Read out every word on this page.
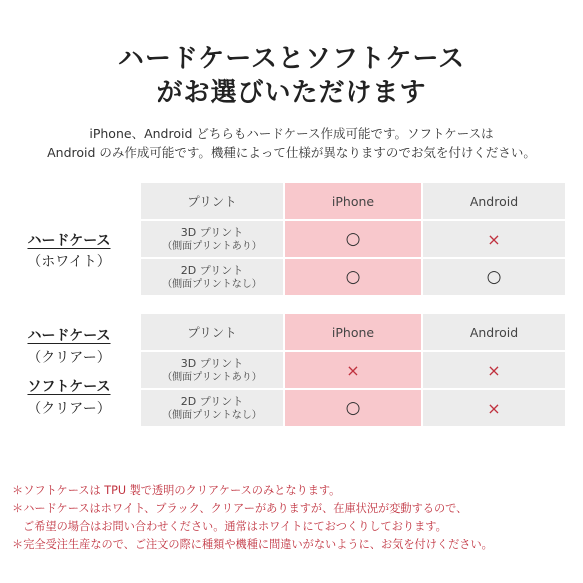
ハードケースとソフトケース
がお選びいただけます
iPhone、Android どちらもハードケース作成可能です。ソフトケースは
Android のみ作成可能です。機種によって仕様が異なりますのでお気を付けください。
ハードケース
（ホワイト）
プリント	iPhone	Android

3D プリント
（側面プリントあり）	○	×

2D プリント
（側面プリントなし）	○	○
ハードケース
（クリアー）
ソフトケース
（クリアー）
プリント	iPhone	Android

3D プリント
（側面プリントあり）	×	×

2D プリント
（側面プリントなし）	○	×
＊ソフトケースは TPU 製で透明のクリアケースのみとなります。
＊ハードケースはホワイト、ブラック、クリアーがありますが、在庫状況が変動するので、
ご希望の場合はお問い合わせください。通常はホワイトにておつくりしております。
＊完全受注生産なので、ご注文の際に種類や機種に間違いがないように、お気を付けください。
